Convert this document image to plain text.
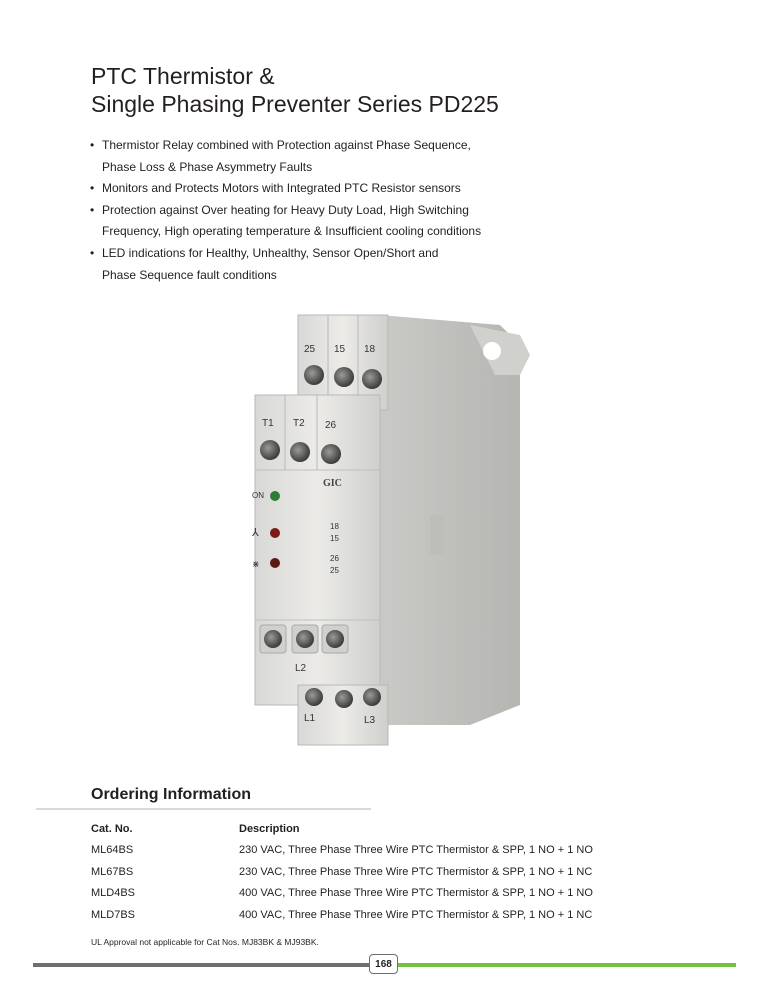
PTC Thermistor &
Single Phasing Preventer Series PD225
• Thermistor Relay combined with Protection against Phase Sequence,
Phase Loss & Phase Asymmetry Faults
• Monitors and Protects Motors with Integrated PTC Resistor sensors
• Protection against Over heating for Heavy Duty Load, High Switching
Frequency, High operating temperature & Insufficient cooling conditions
• LED indications for Healthy, Unhealthy, Sensor Open/Short and
Phase Sequence fault conditions
25 15 18
T1 T2 26
GIC
ON
⅄
⋇
18
15
26
25
L2
L1	L3
Ordering Information
Cat. No.	Description
ML64BS	230 VAC, Three Phase Three Wire PTC Thermistor & SPP, 1 NO + 1 NO
ML67BS	230 VAC, Three Phase Three Wire PTC Thermistor & SPP, 1 NO + 1 NC
MLD4BS	400 VAC, Three Phase Three Wire PTC Thermistor & SPP, 1 NO + 1 NO
MLD7BS	400 VAC, Three Phase Three Wire PTC Thermistor & SPP, 1 NO + 1 NC
UL Approval not applicable for Cat Nos. MJ83BK & MJ93BK.
168
